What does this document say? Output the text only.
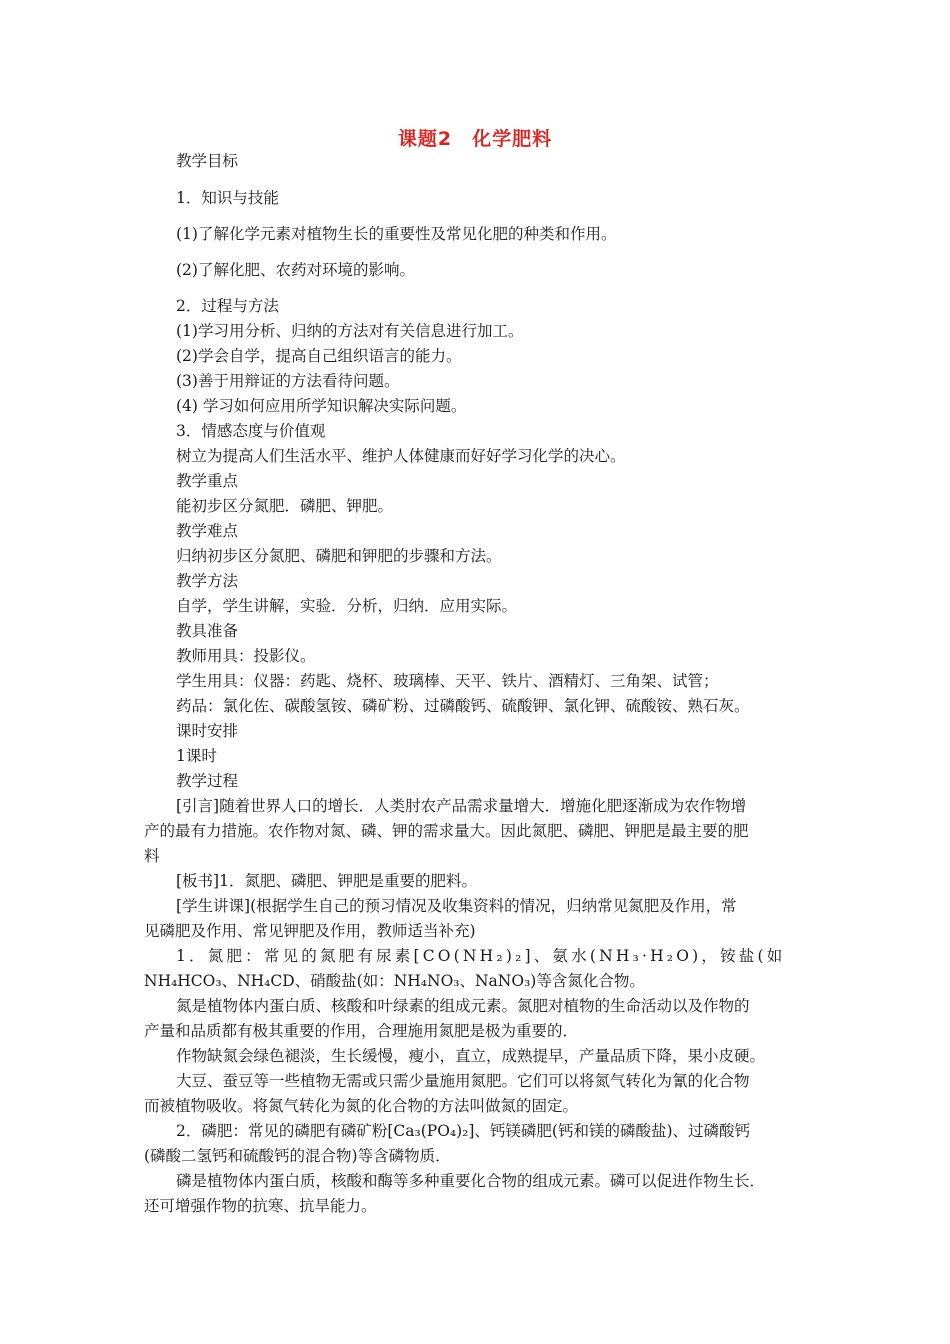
课题2　化学肥料
教学目标
1．知识与技能
(1)了解化学元素对植物生长的重要性及常见化肥的种类和作用。
(2)了解化肥、农药对环境的影响。
2．过程与方法
(1)学习用分析、归纳的方法对有关信息进行加工。
(2)学会自学，提高自己组织语言的能力。
(3)善于用辩证的方法看待问题。
(4) 学习如何应用所学知识解决实际问题。
3．情感态度与价值观
树立为提高人们生活水平、维护人体健康而好好学习化学的决心。
教学重点
能初步区分氮肥．磷肥、钾肥。
教学难点
归纳初步区分氮肥、磷肥和钾肥的步骤和方法。
教学方法
自学，学生讲解，实验．分析，归纳．应用实际。
教具准备
教师用具：投影仪。
学生用具：仪器：药匙、烧杯、玻璃棒、天平、铁片、酒精灯、三角架、试管；
药品：氯化佐、碳酸氢铵、磷矿粉、过磷酸钙、硫酸钾、氯化钾、硫酸铵、熟石灰。
课时安排
1课时
教学过程
[引言]随着世界人口的增长．人类肘农产品需求量增大．增施化肥逐渐成为农作物增
产的最有力措施。农作物对氮、磷、钾的需求量大。因此氮肥、磷肥、钾肥是最主要的肥
料
[板书]1．氮肥、磷肥、钾肥是重要的肥料。
[学生讲课](根据学生自己的预习情况及收集资料的情况，归纳常见氮肥及作用，常
见磷肥及作用、常见钾肥及作用，教师适当补充)
1．氮肥：常见的氮肥有尿素[CO(NH₂)₂]、氨水(NH₃·H₂O)，铵盐(如
NH₄HCO₃、NH₄CD、硝酸盐(如：NH₄NO₃、NaNO₃)等含氮化合物。
氮是植物体内蛋白质、核酸和叶绿素的组成元素。氮肥对植物的生命活动以及作物的
产量和品质都有极其重要的作用，合理施用氮肥是极为重要的．
作物缺氮会绿色褪淡，生长缓慢，瘦小，直立，成熟提早，产量品质下降，果小皮硬。
大豆、蚕豆等一些植物无需或只需少量施用氮肥。它们可以将氮气转化为氰的化合物
而被植物吸收。将氮气转化为氮的化合物的方法叫做氮的固定。
2．磷肥：常见的磷肥有磷矿粉[Ca₃(PO₄)₂]、钙镁磷肥(钙和镁的磷酸盐)、过磷酸钙
(磷酸二氢钙和硫酸钙的混合物)等含磷物质．
磷是植物体内蛋白质，核酸和酶等多种重要化合物的组成元素。磷可以促进作物生长．
还可增强作物的抗寒、抗旱能力。
